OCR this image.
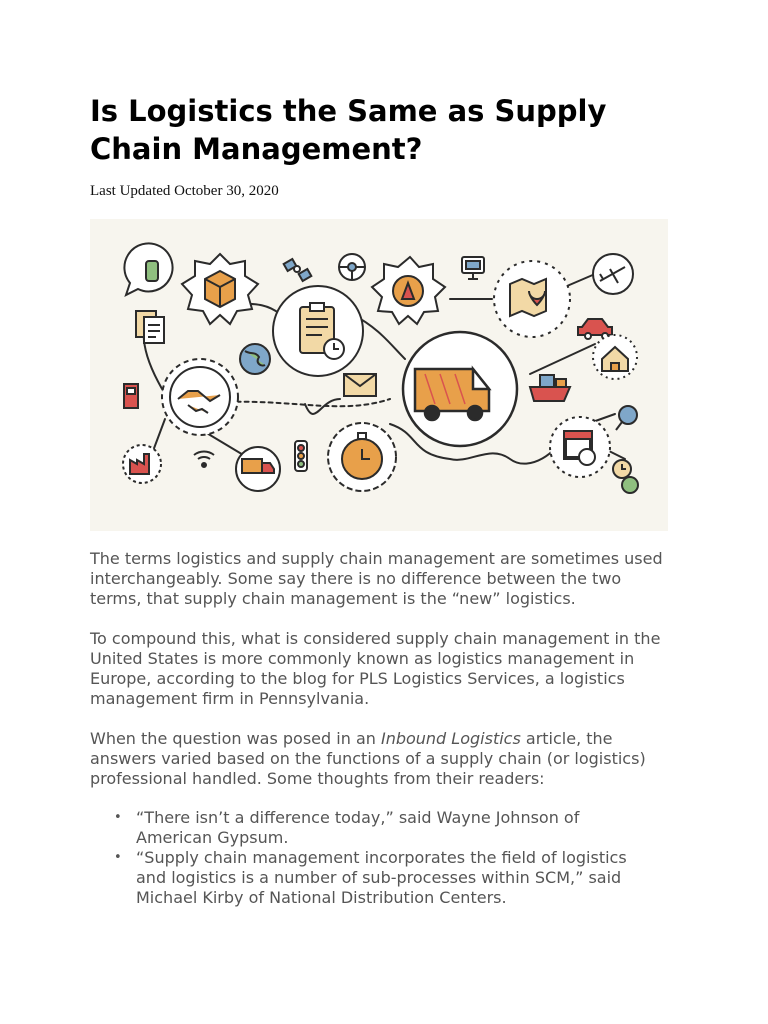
Is Logistics the Same as Supply Chain Management?
Last Updated October 30, 2020

The terms logistics and supply chain management are sometimes used interchangeably. Some say there is no difference between the two terms, that supply chain management is the “new” logistics.

To compound this, what is considered supply chain management in the United States is more commonly known as logistics management in Europe, according to the blog for PLS Logistics Services, a logistics management firm in Pennsylvania.

When the question was posed in an Inbound Logistics article, the answers varied based on the functions of a supply chain (or logistics) professional handled. Some thoughts from their readers:

• “There isn’t a difference today,” said Wayne Johnson of American Gypsum.
• “Supply chain management incorporates the field of logistics and logistics is a number of sub-processes within SCM,” said Michael Kirby of National Distribution Centers.
